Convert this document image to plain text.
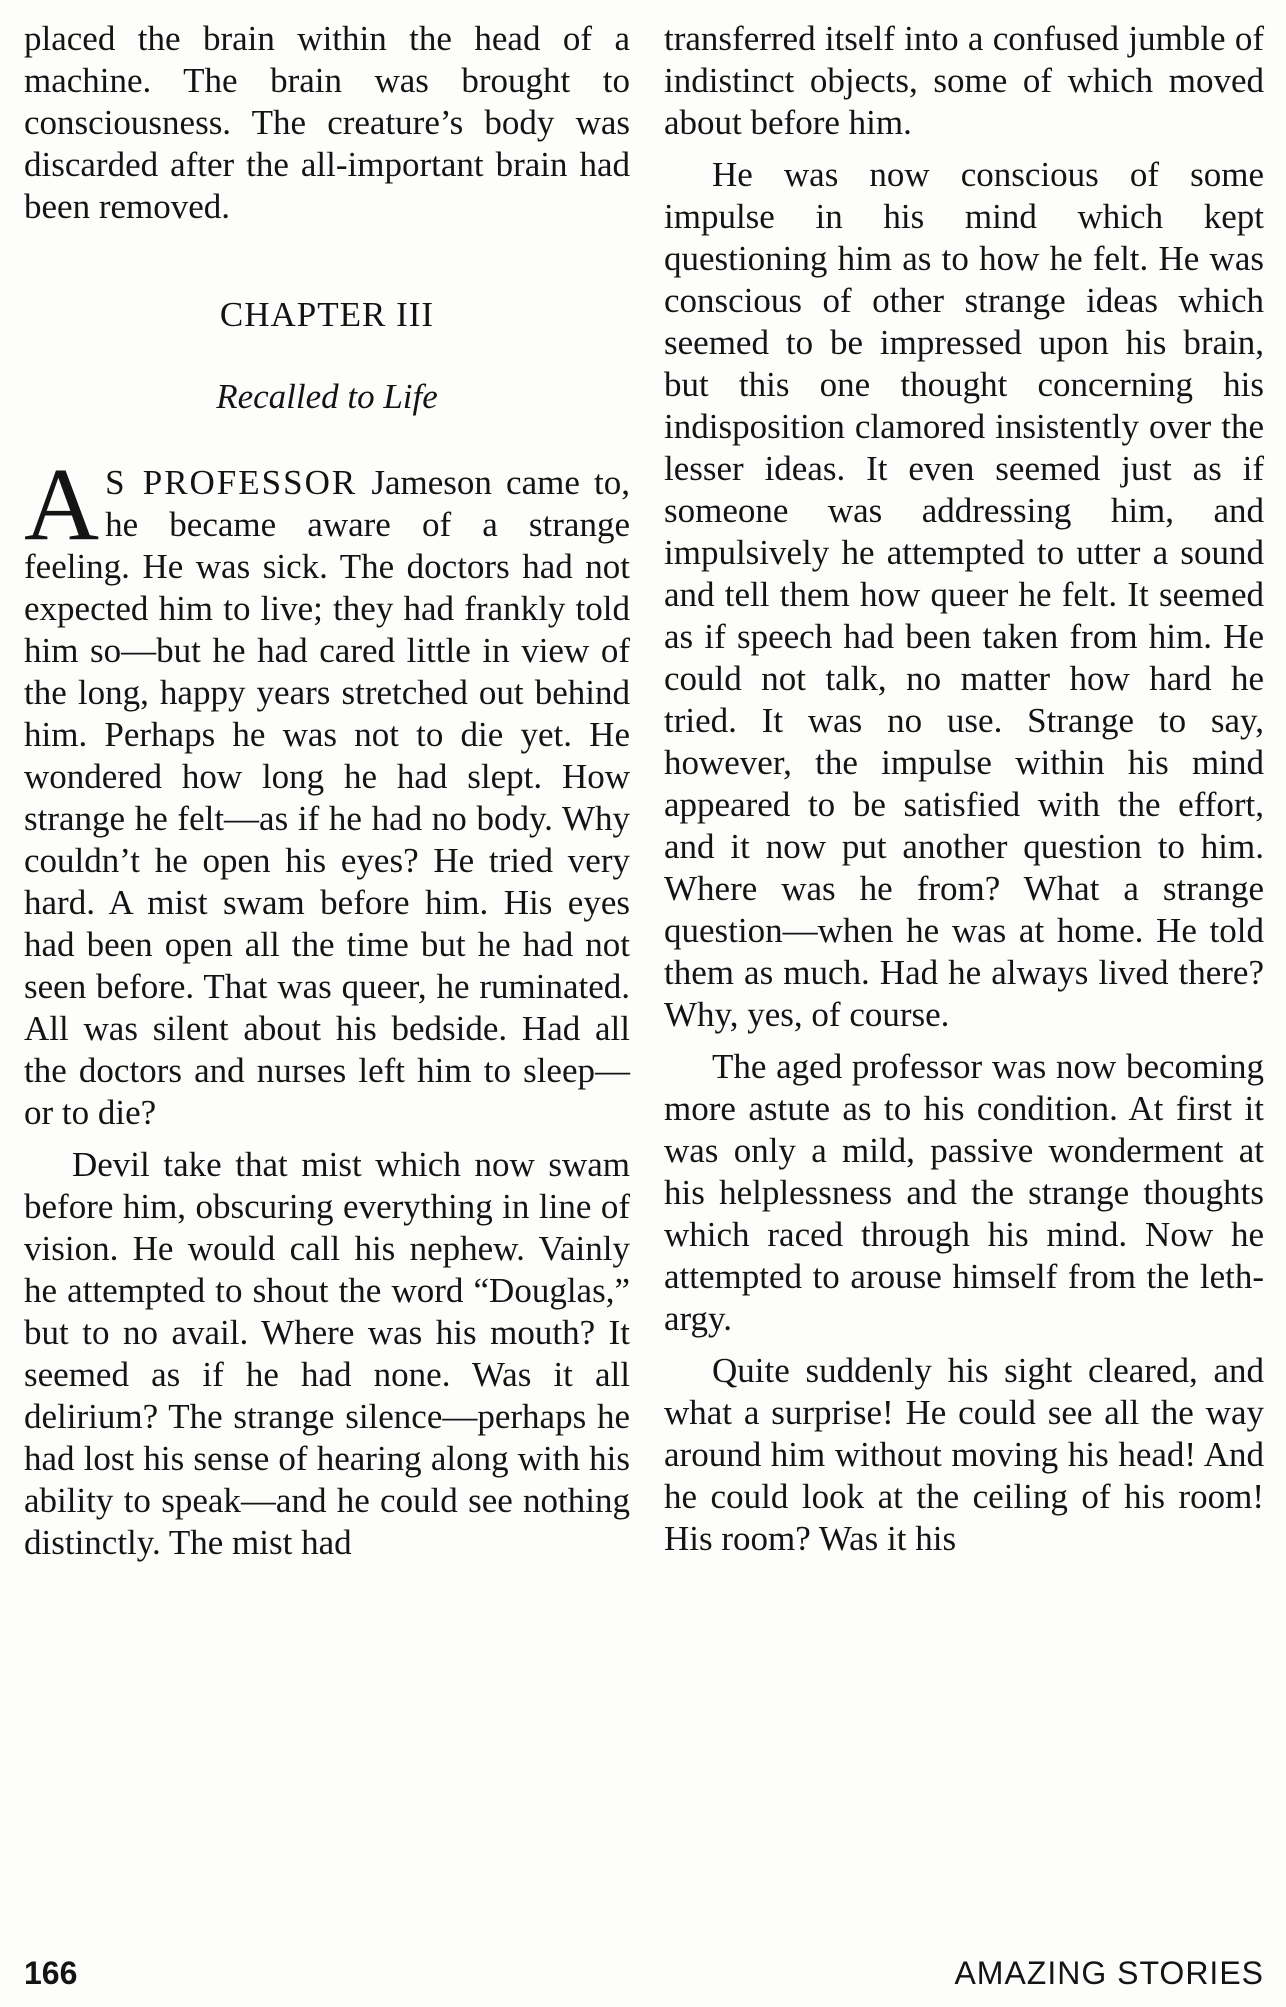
placed the brain within the head of a machine. The brain was brought to consciousness. The creature’s body was discarded after the all-important brain had been removed.

CHAPTER III
Recalled to Life

A S PROFESSOR Jameson came to, he became aware of a strange feeling. He was sick. The doctors had not expected him to live; they had frankly told him so—but he had cared little in view of the long, happy years stretched out behind him. Perhaps he was not to die yet. He wondered how long he had slept. How strange he felt—as if he had no body. Why couldn’t he open his eyes? He tried very hard. A mist swam before him. His eyes had been open all the time but he had not seen before. That was queer, he ruminated. All was silent about his bedside. Had all the doctors and nurses left him to sleep—or to die?

Devil take that mist which now swam before him, obscuring everything in line of vision. He would call his nephew. Vainly he attempted to shout the word “Douglas,” but to no avail. Where was his mouth? It seemed as if he had none. Was it all delirium? The strange silence—perhaps he had lost his sense of hearing along with his ability to speak—and he could see nothing distinctly. The mist had

transferred itself into a confused jumble of indistinct objects, some of which moved about before him.

He was now conscious of some impulse in his mind which kept questioning him as to how he felt. He was conscious of other strange ideas which seemed to be impressed upon his brain, but this one thought concerning his indisposition clamored insistently over the lesser ideas. It even seemed just as if someone was addressing him, and impulsively he attempted to utter a sound and tell them how queer he felt. It seemed as if speech had been taken from him. He could not talk, no matter how hard he tried. It was no use. Strange to say, however, the impulse within his mind appeared to be satisfied with the effort, and it now put another question to him. Where was he from? What a strange question—when he was at home. He told them as much. Had he always lived there? Why, yes, of course.

The aged professor was now becoming more astute as to his condition. At first it was only a mild, passive wonderment at his helplessness and the strange thoughts which raced through his mind. Now he attempted to arouse himself from the lethargy.

Quite suddenly his sight cleared, and what a surprise! He could see all the way around him without moving his head! And he could look at the ceiling of his room! His room? Was it his

166	AMAZING STORIES
